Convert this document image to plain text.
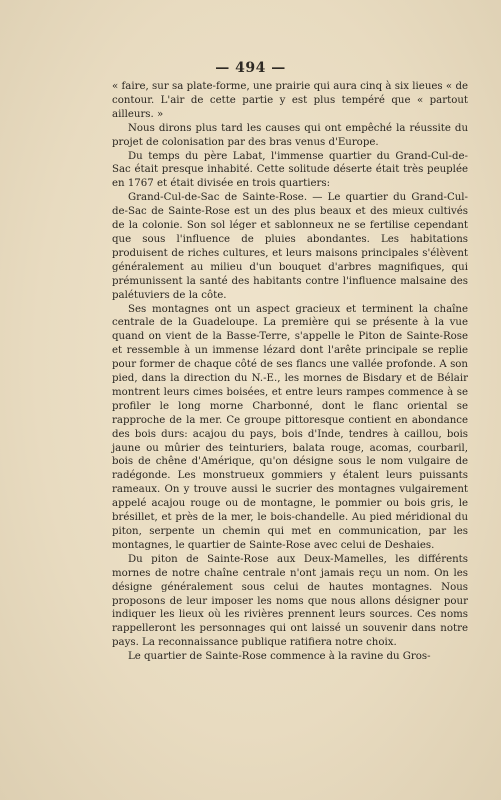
— 494 —

« faire, sur sa plate-forme, une prairie qui aura cinq à six lieues « de contour. L'air de cette partie y est plus tempéré que « partout ailleurs. »

Nous dirons plus tard les causes qui ont empêché la réussite du projet de colonisation par des bras venus d'Europe.

Du temps du père Labat, l'immense quartier du Grand-Cul-de-Sac était presque inhabité. Cette solitude déserte était très peuplée en 1767 et était divisée en trois quartiers:

Grand-Cul-de-Sac de Sainte-Rose. — Le quartier du Grand-Cul-de-Sac de Sainte-Rose est un des plus beaux et des mieux cultivés de la colonie. Son sol léger et sablonneux ne se fertilise cependant que sous l'influence de pluies abondantes. Les habitations produisent de riches cultures, et leurs maisons principales s'élèvent généralement au milieu d'un bouquet d'arbres magnifiques, qui prémunissent la santé des habitants contre l'influence malsaine des palétuviers de la côte.

Ses montagnes ont un aspect gracieux et terminent la chaîne centrale de la Guadeloupe. La première qui se présente à la vue quand on vient de la Basse-Terre, s'appelle le Piton de Sainte-Rose et ressemble à un immense lézard dont l'arête principale se replie pour former de chaque côté de ses flancs une vallée profonde. A son pied, dans la direction du N.-E., les mornes de Bisdary et de Bélair montrent leurs cimes boisées, et entre leurs rampes commence à se profiler le long morne Charbonné, dont le flanc oriental se rapproche de la mer. Ce groupe pittoresque contient en abondance des bois durs: acajou du pays, bois d'Inde, tendres à caillou, bois jaune ou mûrier des teinturiers, balata rouge, acomas, courbaril, bois de chêne d'Amérique, qu'on désigne sous le nom vulgaire de radégonde. Les monstrueux gommiers y étalent leurs puissants rameaux. On y trouve aussi le sucrier des montagnes vulgairement appelé acajou rouge ou de montagne, le pommier ou bois gris, le brésillet, et près de la mer, le bois-chandelle. Au pied méridional du piton, serpente un chemin qui met en communication, par les montagnes, le quartier de Sainte-Rose avec celui de Deshaies.

Du piton de Sainte-Rose aux Deux-Mamelles, les différents mornes de notre chaîne centrale n'ont jamais reçu un nom. On les désigne généralement sous celui de hautes montagnes. Nous proposons de leur imposer les noms que nous allons désigner pour indiquer les lieux où les rivières prennent leurs sources. Ces noms rappelleront les personnages qui ont laissé un souvenir dans notre pays. La reconnaissance publique ratifiera notre choix.

Le quartier de Sainte-Rose commence à la ravine du Gros-
